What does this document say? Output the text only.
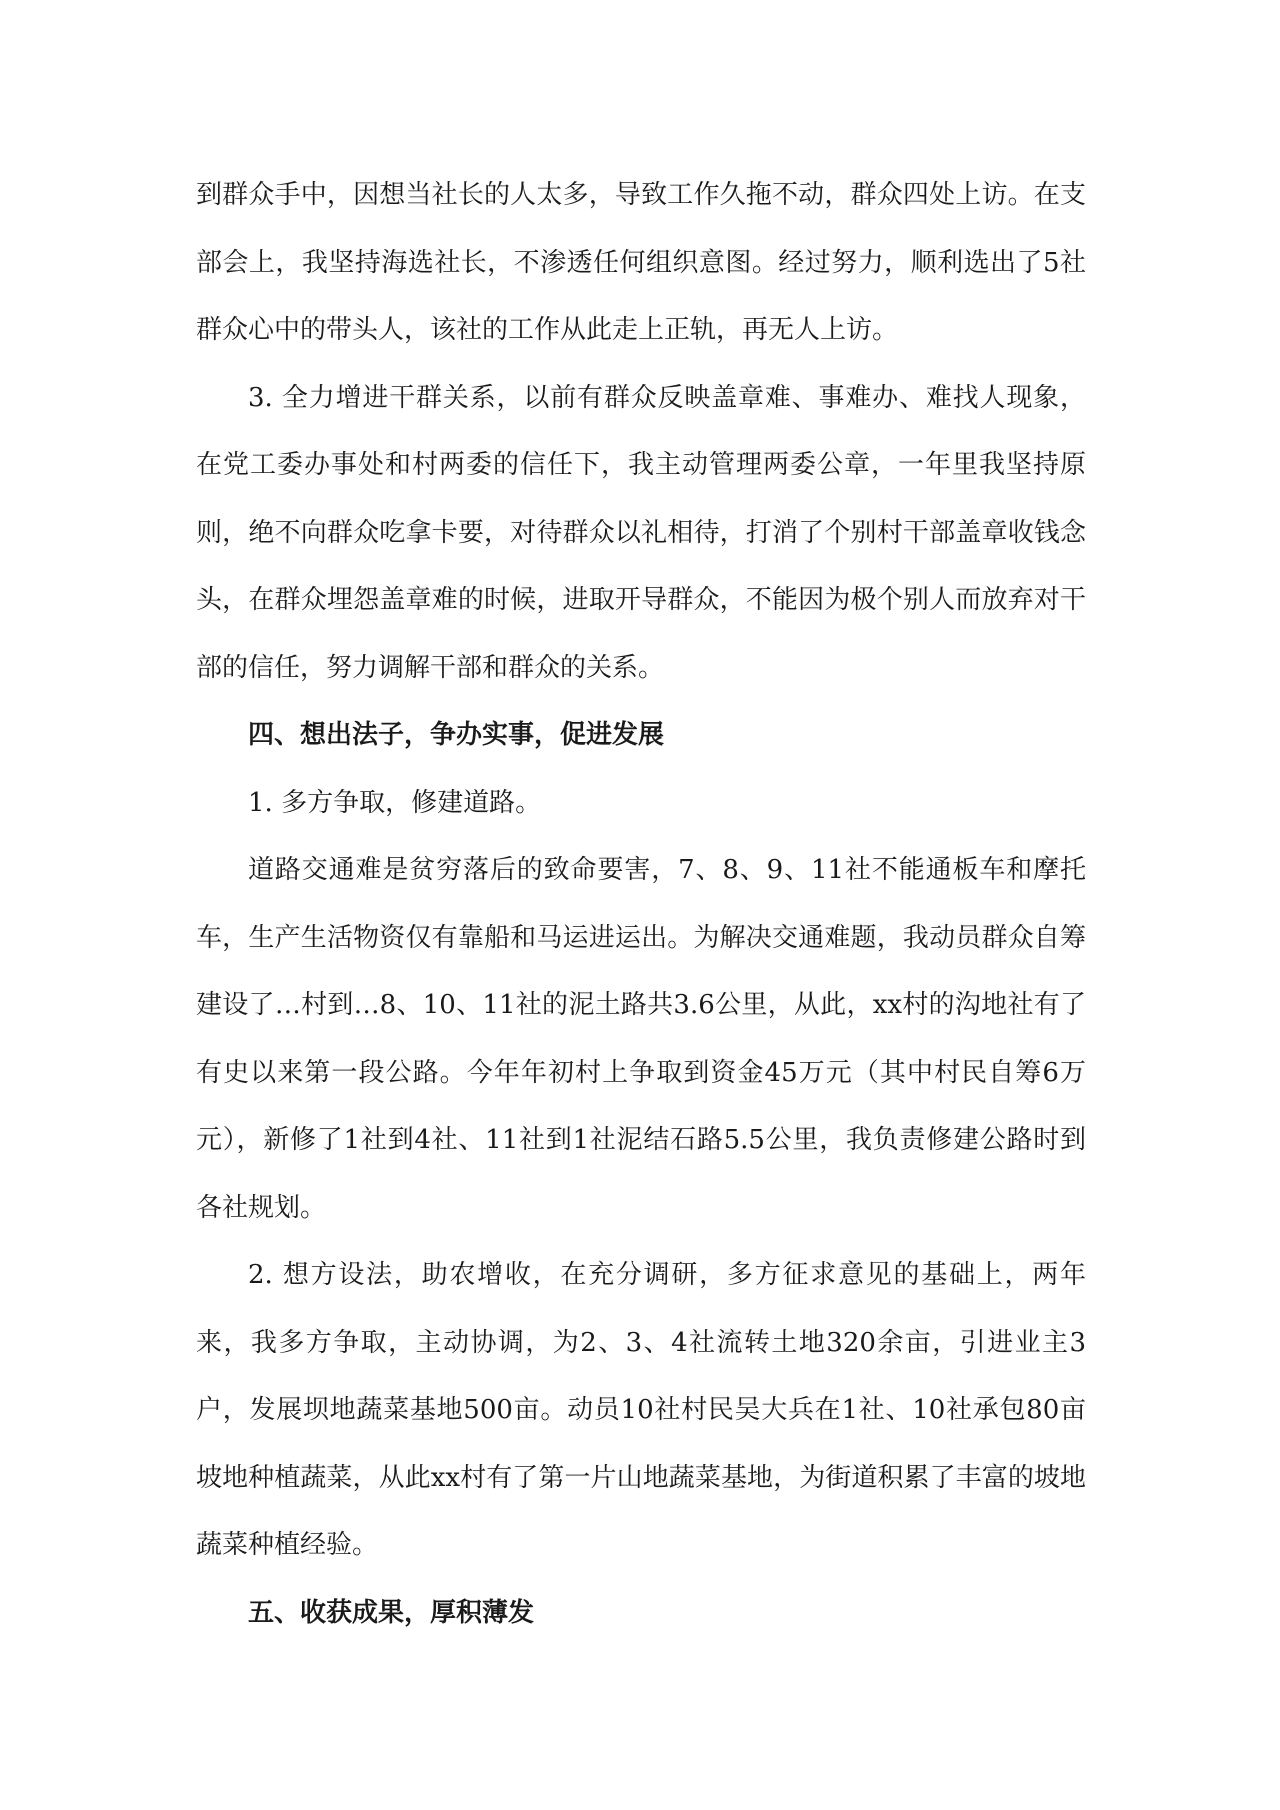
到群众手中，因想当社长的人太多，导致工作久拖不动，群众四处上访。在支部会上，我坚持海选社长，不渗透任何组织意图。经过努力，顺利选出了5社群众心中的带头人，该社的工作从此走上正轨，再无人上访。

3. 全力增进干群关系，以前有群众反映盖章难、事难办、难找人现象，在党工委办事处和村两委的信任下，我主动管理两委公章，一年里我坚持原则，绝不向群众吃拿卡要，对待群众以礼相待，打消了个别村干部盖章收钱念头，在群众埋怨盖章难的时候，进取开导群众，不能因为极个别人而放弃对干部的信任，努力调解干部和群众的关系。

四、想出法子，争办实事，促进发展

1. 多方争取，修建道路。

道路交通难是贫穷落后的致命要害，7、8、9、11社不能通板车和摩托车，生产生活物资仅有靠船和马运进运出。为解决交通难题，我动员群众自筹建设了…村到…8、10、11社的泥土路共3.6公里，从此，xx村的沟地社有了有史以来第一段公路。今年年初村上争取到资金45万元（其中村民自筹6万元），新修了1社到4社、11社到1社泥结石路5.5公里，我负责修建公路时到各社规划。

2. 想方设法，助农增收，在充分调研，多方征求意见的基础上，两年来，我多方争取，主动协调，为2、3、4社流转土地320余亩，引进业主3户，发展坝地蔬菜基地500亩。动员10社村民吴大兵在1社、10社承包80亩坡地种植蔬菜，从此xx村有了第一片山地蔬菜基地，为街道积累了丰富的坡地蔬菜种植经验。

五、收获成果，厚积薄发
